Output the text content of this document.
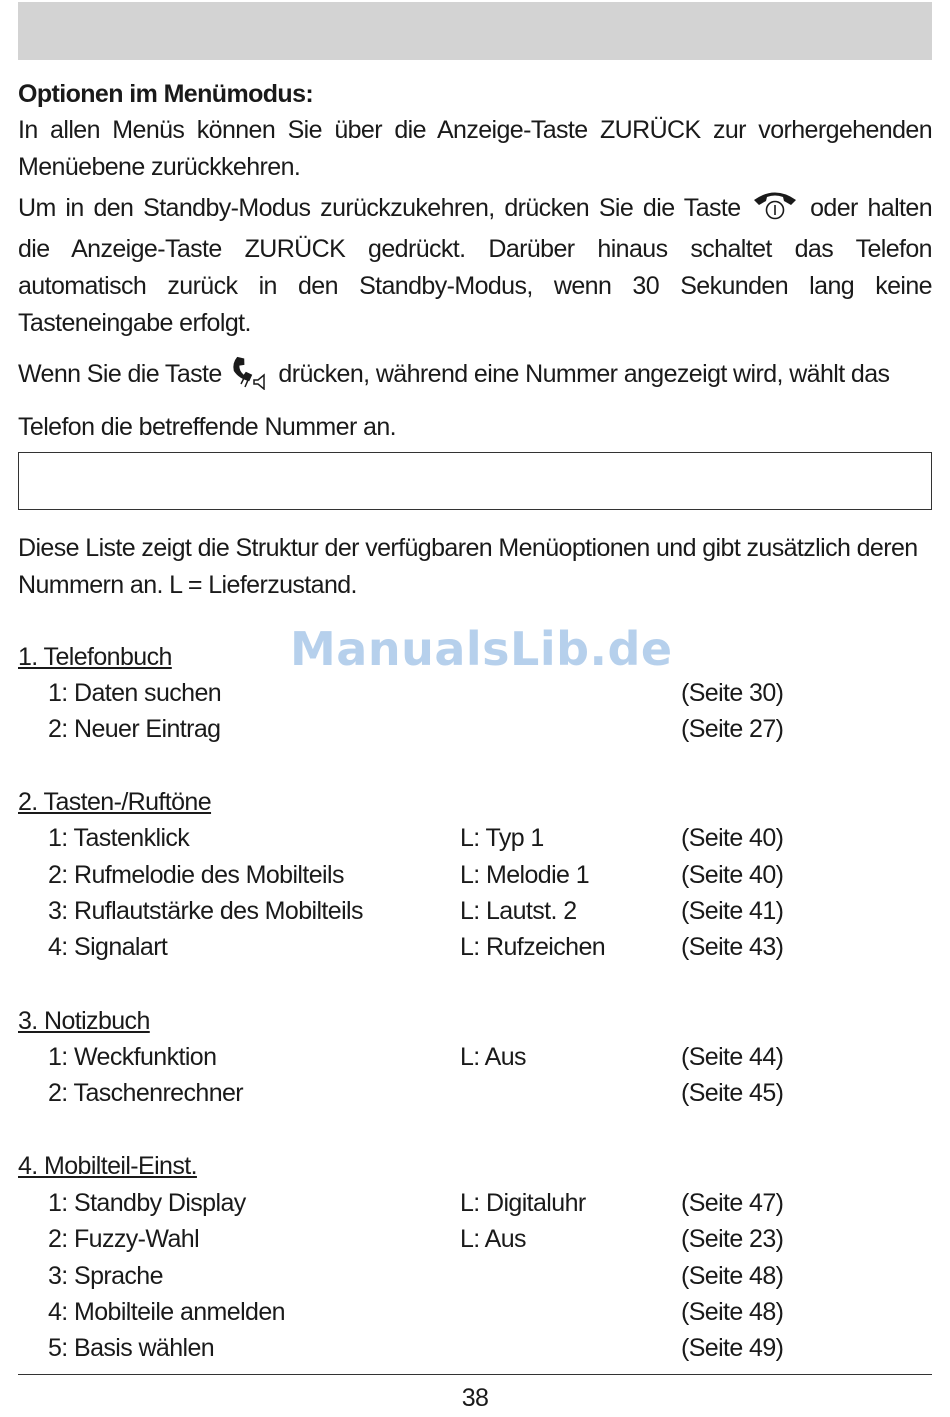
Optionen im Menümodus:
In allen Menüs können Sie über die Anzeige-Taste ZURÜCK zur vorhergehenden Menüebene zurückkehren.
Um in den Standby-Modus zurückzukehren, drücken Sie die Taste  oder halten die Anzeige-Taste ZURÜCK gedrückt. Darüber hinaus schaltet das Telefon automatisch zurück in den Standby-Modus, wenn 30 Sekunden lang keine Tasteneingabe erfolgt.
Wenn Sie die Taste drücken, während eine Nummer angezeigt wird, wählt das
Telefon die betreffende Nummer an.
Diese Liste zeigt die Struktur der verfügbaren Menüoptionen und gibt zusätzlich deren Nummern an. L = Lieferzustand.
ManualsLib.de
1. Telefonbuch
1: Daten suchen	(Seite 30)
2: Neuer Eintrag	(Seite 27)
2. Tasten-/Ruftöne
1: Tastenklick	L: Typ 1	(Seite 40)
2: Rufmelodie des Mobilteils	L: Melodie 1	(Seite 40)
3: Ruflautstärke des Mobilteils	L: Lautst. 2	(Seite 41)
4: Signalart	L: Rufzeichen	(Seite 43)
3. Notizbuch
1: Weckfunktion	L: Aus	(Seite 44)
2: Taschenrechner	(Seite 45)
4. Mobilteil-Einst.
1: Standby Display	L: Digitaluhr	(Seite 47)
2: Fuzzy-Wahl	L: Aus	(Seite 23)
3: Sprache	(Seite 48)
4: Mobilteile anmelden	(Seite 48)
5: Basis wählen	(Seite 49)
38
